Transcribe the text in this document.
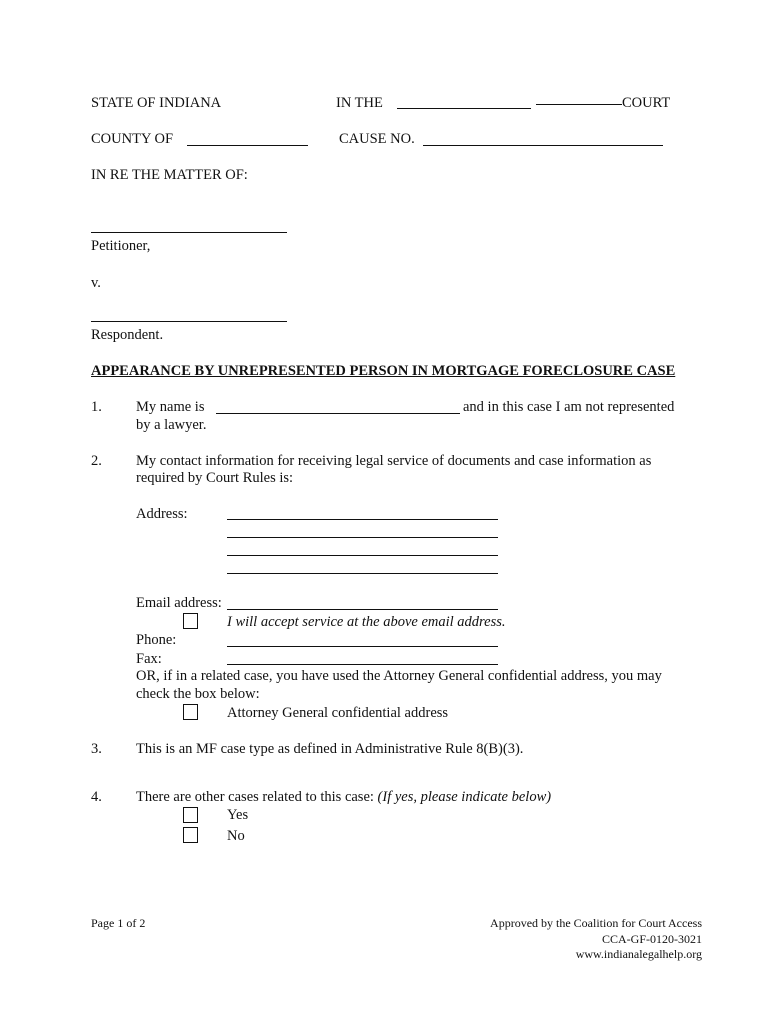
STATE OF INDIANA	IN THE	COURT
COUNTY OF	CAUSE NO.
IN RE THE MATTER OF:
Petitioner,
v.
Respondent.
APPEARANCE BY UNREPRESENTED PERSON IN MORTGAGE FORECLOSURE CASE
1. My name is	and in this case I am not represented
by a lawyer.
2. My contact information for receiving legal service of documents and case information as
required by Court Rules is:
Address:
Email address:
I will accept service at the above email address.
Phone:
Fax:
OR, if in a related case, you have used the Attorney General confidential address, you may
check the box below:
Attorney General confidential address
3. This is an MF case type as defined in Administrative Rule 8(B)(3).
4. There are other cases related to this case: (If yes, please indicate below)
Yes
No
Page 1 of 2	Approved by the Coalition for Court Access
CCA-GF-0120-3021
www.indianalegalhelp.org
